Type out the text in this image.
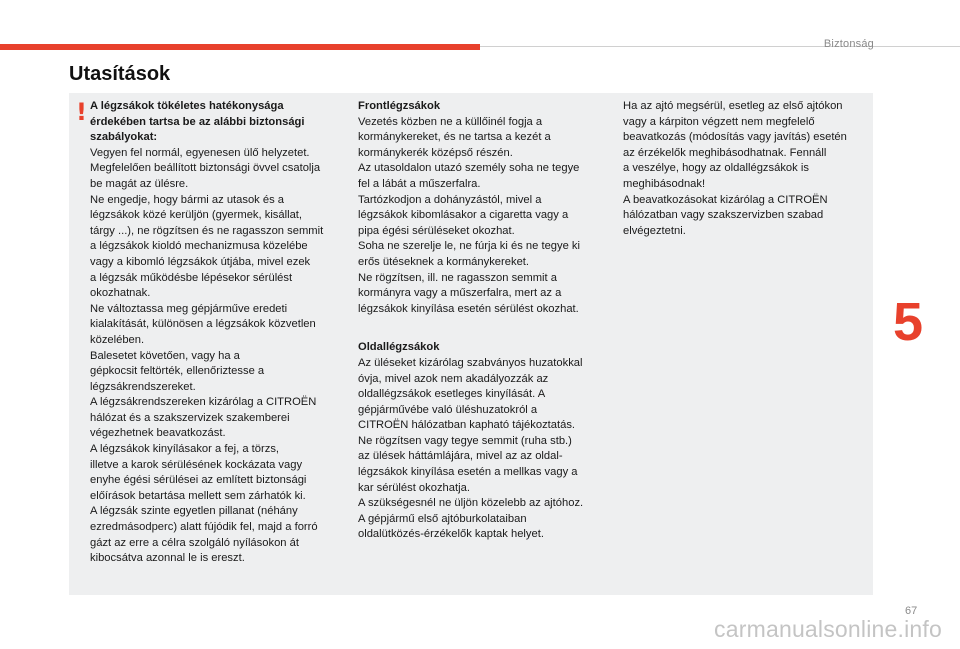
Biztonság
Utasítások
! A légzsákok tökéletes hatékonysága

érdekében tartsa be az alábbi biztonsági

szabályokat:

Vegyen fel normál, egyenesen ülő helyzetet.

Megfelelően beállított biztonsági övvel csatolja

be magát az ülésre.

Ne engedje, hogy bármi az utasok és a

légzsákok közé kerüljön (gyermek, kisállat,

tárgy ...), ne rögzítsen és ne ragasszon semmit

a légzsákok kioldó mechanizmusa közelébe

vagy a kibomló légzsákok útjába, mivel ezek

a légzsák működésbe lépésekor sérülést

okozhatnak.

Ne változtassa meg gépjárműve eredeti

kialakítását, különösen a légzsákok közvetlen

közelében.

Balesetet követően, vagy ha a

gépkocsit feltörték, ellenőriztesse a

légzsákrendszereket.

A légzsákrendszereken kizárólag a CITROËN

hálózat és a szakszervizek szakemberei

végezhetnek beavatkozást.

A légzsákok kinyílásakor a fej, a törzs,

illetve a karok sérülésének kockázata vagy

enyhe égési sérülései az említett biztonsági

előírások betartása mellett sem zárhatók ki.

A légzsák szinte egyetlen pillanat (néhány

ezredmásodperc) alatt fújódik fel, majd a forró

gázt az erre a célra szolgáló nyílásokon át

kibocsátva azonnal le is ereszt.

Frontlégzsákok

Vezetés közben ne a küllőinél fogja a

kormánykereket, és ne tartsa a kezét a

kormánykerék középső részén.

Az utasoldalon utazó személy soha ne tegye

fel a lábát a műszerfalra.

Tartózkodjon a dohányzástól, mivel a

légzsákok kibomlásakor a cigaretta vagy a

pipa égési sérüléseket okozhat.

Soha ne szerelje le, ne fúrja ki és ne tegye ki

erős ütéseknek a kormánykereket.

Ne rögzítsen, ill. ne ragasszon semmit a

kormányra vagy a műszerfalra, mert az a

légzsákok kinyílása esetén sérülést okozhat.

Oldallégzsákok

Az üléseket kizárólag szabványos huzatokkal

óvja, mivel azok nem akadályozzák az

oldallégzsákok esetleges kinyílását. A

gépjárművébe való üléshuzatokról a

CITROËN hálózatban kapható tájékoztatás.

Ne rögzítsen vagy tegye semmit (ruha stb.)

az ülések háttámlájára, mivel az az oldal-

légzsákok kinyílása esetén a mellkas vagy a

kar sérülést okozhatja.

A szükségesnél ne üljön közelebb az ajtóhoz.

A gépjármű első ajtóburkolataiban

oldalütközés-érzékelők kaptak helyet.

Ha az ajtó megsérül, esetleg az első ajtókon

vagy a kárpiton végzett nem megfelelő

beavatkozás (módosítás vagy javítás) esetén

az érzékelők meghibásodhatnak. Fennáll

a veszélye, hogy az oldallégzsákok is

meghibásodnak!

A beavatkozásokat kizárólag a CITROËN

hálózatban vagy szakszervizben szabad

elvégeztetni.

5
67
carmanualsonline.info
